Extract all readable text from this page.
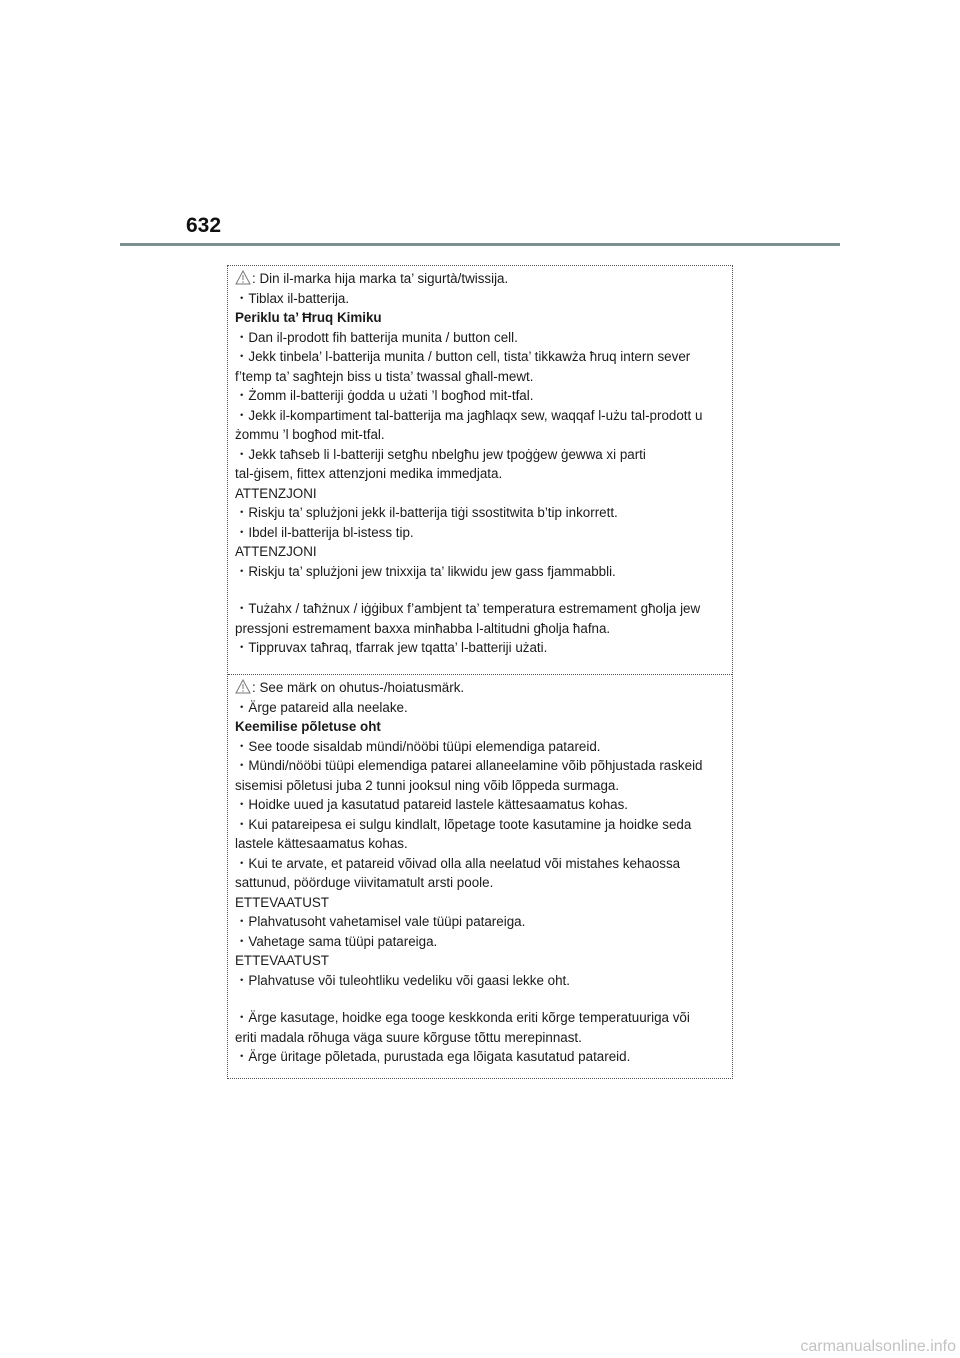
632
: Din il-marka hija marka ta’ sigurtà/twissija.
・Tiblax il-batterija.
Periklu ta’ Ħruq Kimiku
・Dan il-prodott fih batterija munita / button cell.
・Jekk tinbela’ l-batterija munita / button cell, tista’ tikkawża ħruq intern sever
f’temp ta’ sagħtejn biss u tista’ twassal għall-mewt.
・Żomm il-batteriji ġodda u użati ’l bogħod mit-tfal.
・Jekk il-kompartiment tal-batterija ma jagħlaqx sew, waqqaf l-użu tal-prodott u
żommu ’l bogħod mit-tfal.
・Jekk taħseb li l-batteriji setgħu nbelgħu jew tpoġġew ġewwa xi parti
tal-ġisem, fittex attenzjoni medika immedjata.
ATTENZJONI
・Riskju ta’ splużjoni jekk il-batterija tiġi ssostitwita b’tip inkorrett.
・Ibdel il-batterija bl-istess tip.
ATTENZJONI
・Riskju ta’ splużjoni jew tnixxija ta’ likwidu jew gass fjammabbli.
・Tużahx / taħżnux / iġġibux f’ambjent ta’ temperatura estremament għolja jew
pressjoni estremament baxxa minħabba l-altitudni għolja ħafna.
・Tippruvax taħraq, tfarrak jew tqatta’ l-batteriji użati.
: See märk on ohutus-/hoiatusmärk.
・Ärge patareid alla neelake.
Keemilise põletuse oht
・See toode sisaldab mündi/nööbi tüüpi elemendiga patareid.
・Mündi/nööbi tüüpi elemendiga patarei allaneelamine võib põhjustada raskeid
sisemisi põletusi juba 2 tunni jooksul ning võib lõppeda surmaga.
・Hoidke uued ja kasutatud patareid lastele kättesaamatus kohas.
・Kui patareipesa ei sulgu kindlalt, lõpetage toote kasutamine ja hoidke seda
lastele kättesaamatus kohas.
・Kui te arvate, et patareid võivad olla alla neelatud või mistahes kehaossa
sattunud, pöörduge viivitamatult arsti poole.
ETTEVAATUST
・Plahvatusoht vahetamisel vale tüüpi patareiga.
・Vahetage sama tüüpi patareiga.
ETTEVAATUST
・Plahvatuse või tuleohtliku vedeliku või gaasi lekke oht.
・Ärge kasutage, hoidke ega tooge keskkonda eriti kõrge temperatuuriga või
eriti madala rõhuga väga suure kõrguse tõttu merepinnast.
・Ärge üritage põletada, purustada ega lõigata kasutatud patareid.
carmanualsonline.info
